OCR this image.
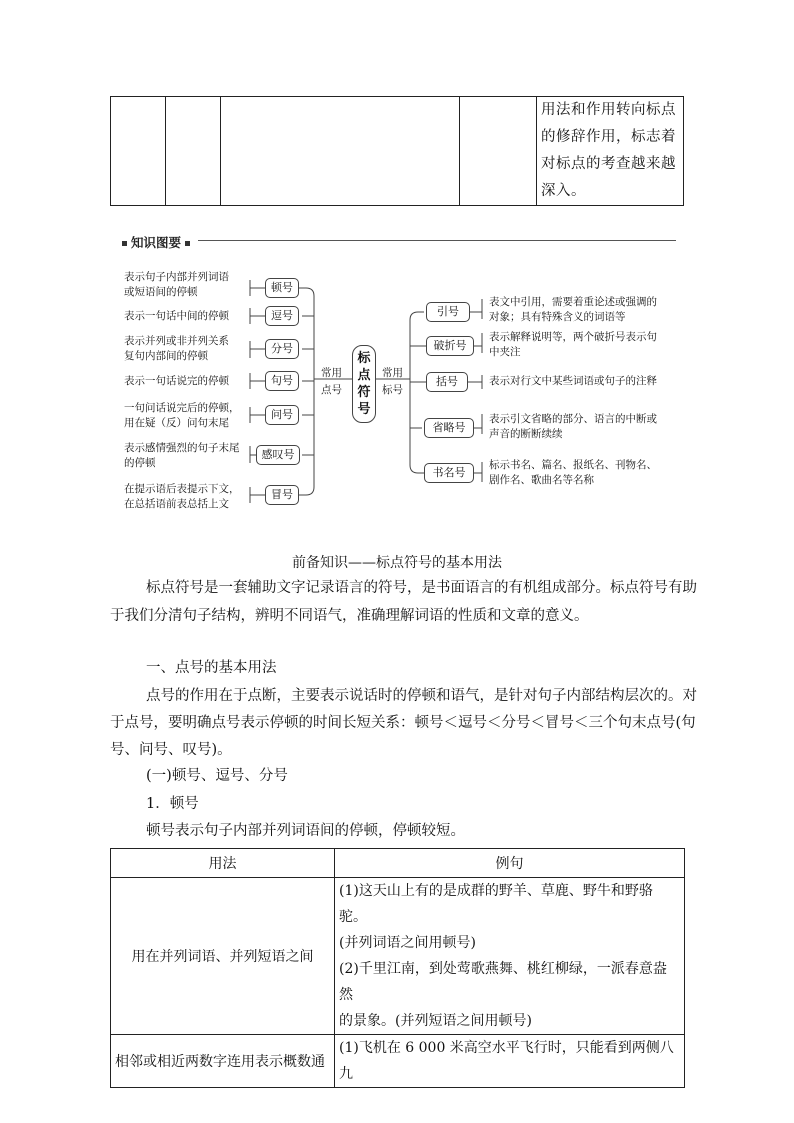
用法和作用转向标点的修辞作用，标志着对标点的考查越来越深入。
知识图要
表示句子内部并列词语
或短语间的停顿
表示一句话中间的停顿
表示并列或非并列关系
复句内部间的停顿
表示一句话说完的停顿
一句问话说完后的停顿，
用在疑（反）问句末尾
表示感情强烈的句子末尾
的停顿
在提示语后表提示下文，
在总括语前表总括上文
顿号
逗号
分号
句号
问号
感叹号
冒号
常用
点号
常用
标号
标
点
符
号
引号
破折号
括号
省略号
书名号
表文中引用，需要着重论述或强调的
对象；具有特殊含义的词语等
表示解释说明等，两个破折号表示句
中夹注
表示对行文中某些词语或句子的注释
表示引文省略的部分、语言的中断或
声音的断断续续
标示书名、篇名、报纸名、刊物名、
剧作名、歌曲名等名称
前备知识——标点符号的基本用法
标点符号是一套辅助文字记录语言的符号，是书面语言的有机组成部分。标点符号有助
于我们分清句子结构，辨明不同语气，准确理解词语的性质和文章的意义。
一、点号的基本用法
点号的作用在于点断，主要表示说话时的停顿和语气，是针对句子内部结构层次的。对
于点号，要明确点号表示停顿的时间长短关系：顿号＜逗号＜分号＜冒号＜三个句末点号(句
号、问号、叹号)。
(一)顿号、逗号、分号
1．顿号
顿号表示句子内部并列词语间的停顿，停顿较短。
用法	例句
用在并列词语、并列短语之间	(1)这天山上有的是成群的野羊、草鹿、野牛和野骆驼。
(并列词语之间用顿号)
(2)千里江南，到处莺歌燕舞、桃红柳绿，一派春意盎然
的景象。(并列短语之间用顿号)

相邻或相近两数字连用表示概数通	(1)飞机在 6 000 米高空水平飞行时，只能看到两侧八九
